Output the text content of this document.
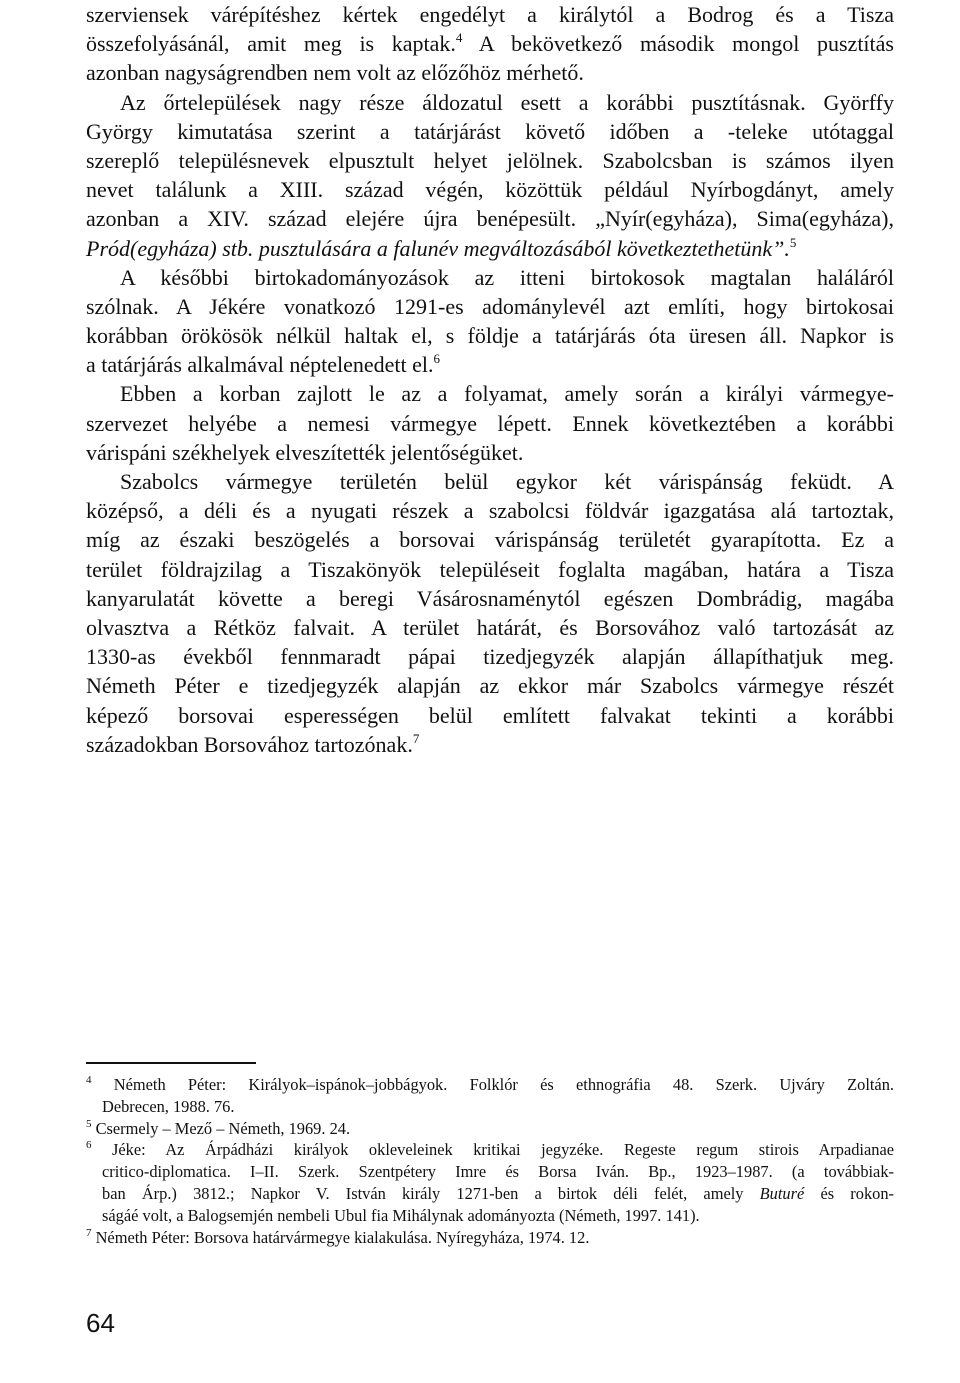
szerviensek várépítéshez kértek engedélyt a királytól a Bodrog és a Tisza
összefolyásánál, amit meg is kaptak.$^4$ A bekövetkező második mongol pusztítás
azonban nagyságrendben nem volt az előzőhöz mérhető.
Az őrtelepülések nagy része áldozatul esett a korábbi pusztításnak. Györffy
György kimutatása szerint a tatárjárást követő időben a -teleke utótaggal
szereplő településnevek elpusztult helyet jelölnek. Szabolcsban is számos ilyen
nevet találunk a XIII. század végén, közöttük például Nyírbogdányt, amely
azonban a XIV. század elejére újra benépesült. „Nyír(egyháza), Sima(egyháza),
Pród(egyháza) stb. pusztulására a falunév megváltozásából következtethetünk”.$^5$
A későbbi birtokadományozások az itteni birtokosok magtalan haláláról
szólnak. A Jékére vonatkozó 1291-es adománylevél azt említi, hogy birtokosai
korábban örökösök nélkül haltak el, s földje a tatárjárás óta üresen áll. Napkor is
a tatárjárás alkalmával néptelenedett el.$^6$
Ebben a korban zajlott le az a folyamat, amely során a királyi vármegye-
szervezet helyébe a nemesi vármegye lépett. Ennek következtében a korábbi
várispáni székhelyek elveszítették jelentőségüket.
Szabolcs vármegye területén belül egykor két várispánság feküdt. A
középső, a déli és a nyugati részek a szabolcsi földvár igazgatása alá tartoztak,
míg az északi beszögelés a borsovai várispánság területét gyarapította. Ez a
terület földrajzilag a Tiszakönyök településeit foglalta magában, határa a Tisza
kanyarulatát követte a beregi Vásárosnaménytól egészen Dombrádig, magába
olvasztva a Rétköz falvait. A terület határát, és Borsovához való tartozását az
1330-as évekből fennmaradt pápai tizedjegyzék alapján állapíthatjuk meg.
Németh Péter e tizedjegyzék alapján az ekkor már Szabolcs vármegye részét
képező borsovai esperességen belül említett falvakat tekinti a korábbi
századokban Borsovához tartozónak.$^7$
$^4$ Németh Péter: Királyok–ispánok–jobbágyok. Folklór és ethnográfia 48. Szerk. Ujváry Zoltán.
Debrecen, 1988. 76.
$^5$ Csermely – Mező – Németh, 1969. 24.
$^6$ Jéke: Az Árpádházi királyok okleveleinek kritikai jegyzéke. Regeste regum stirois Arpadianae
critico-diplomatica. I–II. Szerk. Szentpétery Imre és Borsa Iván. Bp., 1923–1987. (a továbbiak-
ban Árp.) 3812.; Napkor V. István király 1271-ben a birtok déli felét, amely Buturé és rokon-
ságáé volt, a Balogsemjén nembeli Ubul fia Mihálynak adományozta (Németh, 1997. 141).
$^7$ Németh Péter: Borsova határvármegye kialakulása. Nyíregyháza, 1974. 12.
64
